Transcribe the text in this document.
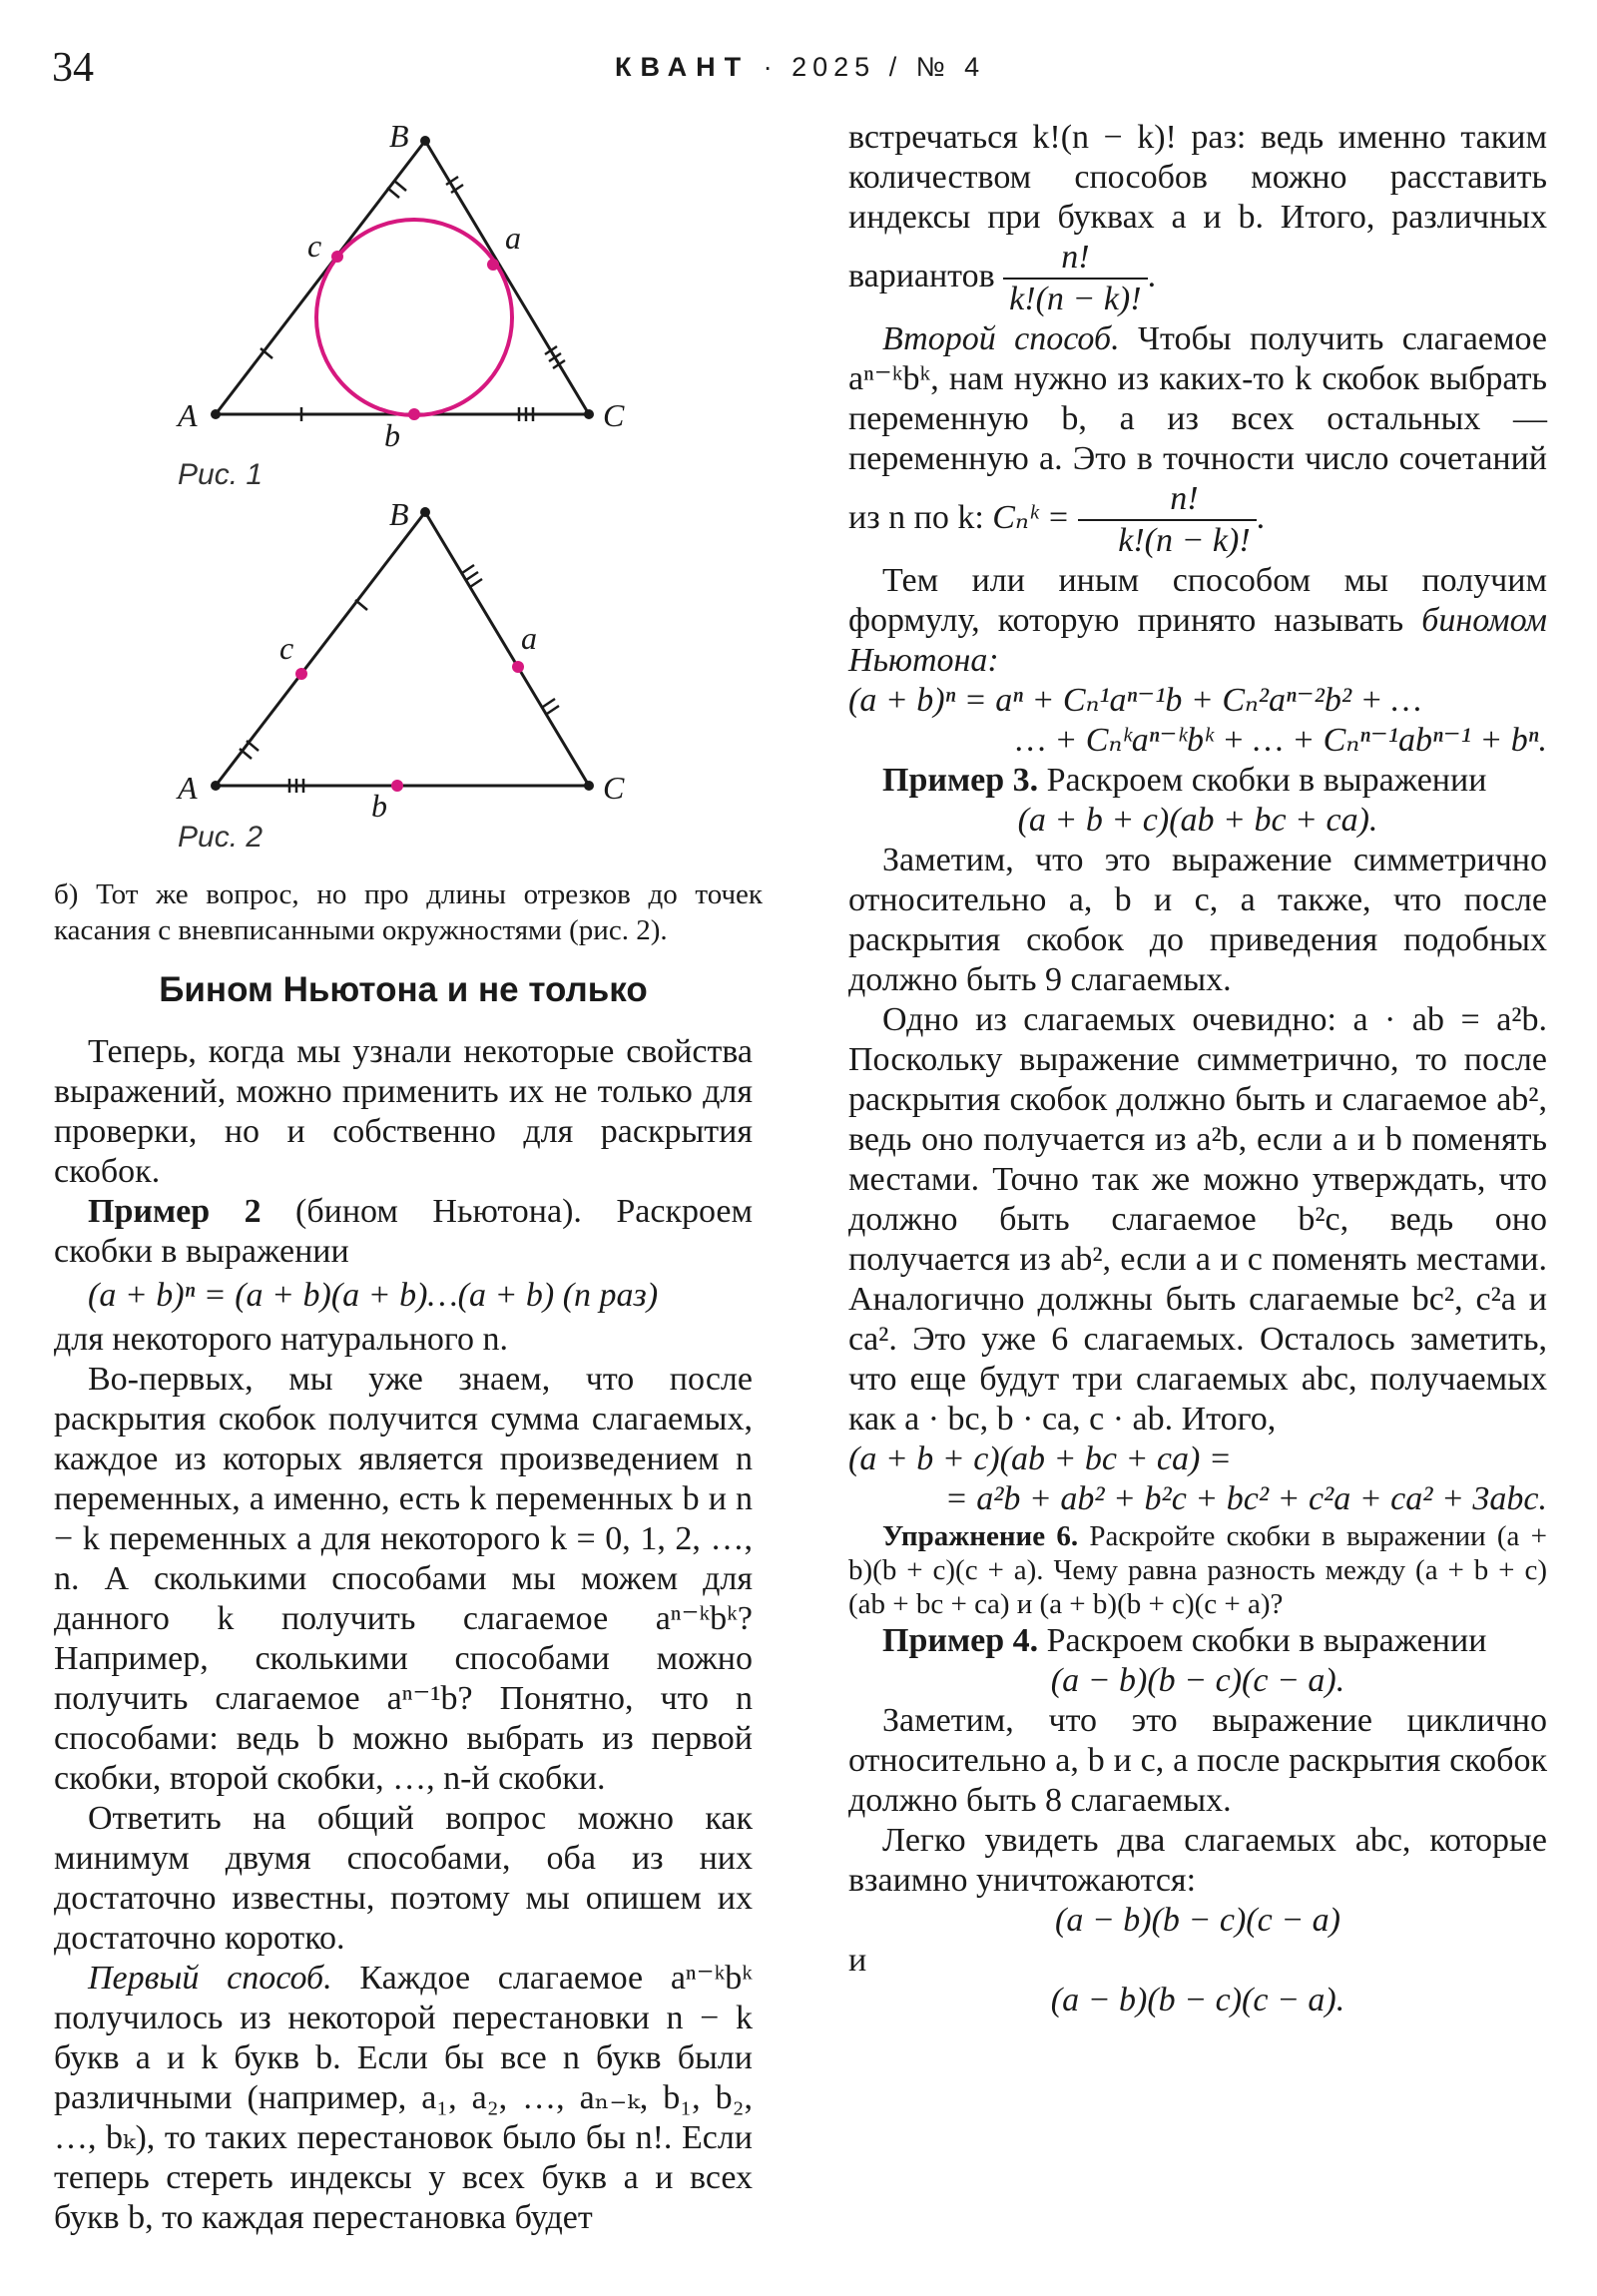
34	КВАНТ · 2025 / № 4
A
B
C
c	a
b
Рис. 1
A
B
C
c	a
b
Рис. 2
б) Тот же вопрос, но про длины отрезков до точек касания с вневписанными окружностями (рис. 2).
Бином Ньютона и не только

Теперь, когда мы узнали некоторые свойства выражений, можно применить их не только для проверки, но и собственно для раскрытия скобок.

Пример 2 (бином Ньютона). Раскроем скобки в выражении

(a + b)ⁿ = (a + b)(a + b)…(a + b) (n раз)

для некоторого натурального n.

Во-первых, мы уже знаем, что после раскрытия скобок получится сумма слагаемых, каждое из которых является произведением n переменных, а именно, есть k переменных b и n − k переменных a для некоторого k = 0, 1, 2, …, n. А сколькими способами мы можем для данного k получить слагаемое aⁿ⁻ᵏbᵏ? Например, сколькими способами можно получить слагаемое aⁿ⁻¹b? Понятно, что n способами: ведь b можно выбрать из первой скобки, второй скобки, …, n-й скобки.

Ответить на общий вопрос можно как минимум двумя способами, оба из них достаточно известны, поэтому мы опишем их достаточно коротко.

Первый способ. Каждое слагаемое aⁿ⁻ᵏbᵏ получилось из некоторой перестановки n − k букв a и k букв b. Если бы все n букв были различными (например, a₁, a₂, …, aₙ₋ₖ, b₁, b₂, …, bₖ), то таких перестановок было бы n!. Если теперь стереть индексы у всех букв a и всех букв b, то каждая перестановка будет

встречаться k!(n − k)! раз: ведь именно таким количеством способов можно расставить индексы при буквах a и b. Итого, различных вариантов $\frac{n!}{k!(n - k)!}$ .

Второй способ. Чтобы получить слагаемое aⁿ⁻ᵏbᵏ, нам нужно из каких-то k скобок выбрать переменную b, а из всех остальных — переменную a. Это в точности число сочетаний из n по k: Cₙᵏ = $\frac{n!}{k!(n - k)!}$ .

Тем или иным способом мы получим формулу, которую принято называть биномом Ньютона:

(a + b)ⁿ = aⁿ + Cₙ¹aⁿ⁻¹b + Cₙ²aⁿ⁻²b² + …

… + Cₙᵏaⁿ⁻ᵏbᵏ + … + Cₙⁿ⁻¹abⁿ⁻¹ + bⁿ.

Пример 3. Раскроем скобки в выражении

(a + b + c)(ab + bc + ca).

Заметим, что это выражение симметрично относительно a, b и c, а также, что после раскрытия скобок до приведения подобных должно быть 9 слагаемых.

Одно из слагаемых очевидно: a · ab = a²b. Поскольку выражение симметрично, то после раскрытия скобок должно быть и слагаемое ab², ведь оно получается из a²b, если a и b поменять местами. Точно так же можно утверждать, что должно быть слагаемое b²c, ведь оно получается из ab², если a и c поменять местами. Аналогично должны быть слагаемые bc², c²a и ca². Это уже 6 слагаемых. Осталось заметить, что еще будут три слагаемых abc, получаемых как a · bc, b · ca, c · ab. Итого,

(a + b + c)(ab + bc + ca) =

= a²b + ab² + b²c + bc² + c²a + ca² + 3abc.

Упражнение 6. Раскройте скобки в выражении (a + b)(b + c)(c + a). Чему равна разность между (a + b + c)(ab + bc + ca) и (a + b)(b + c)(c + a)?

Пример 4. Раскроем скобки в выражении

(a − b)(b − c)(c − a).

Заметим, что это выражение циклично относительно a, b и c, а после раскрытия скобок должно быть 8 слагаемых.

Легко увидеть два слагаемых abc, которые взаимно уничтожаются:

(a − b)(b − c)(c − a)

и

(a − b)(b − c)(c − a).
